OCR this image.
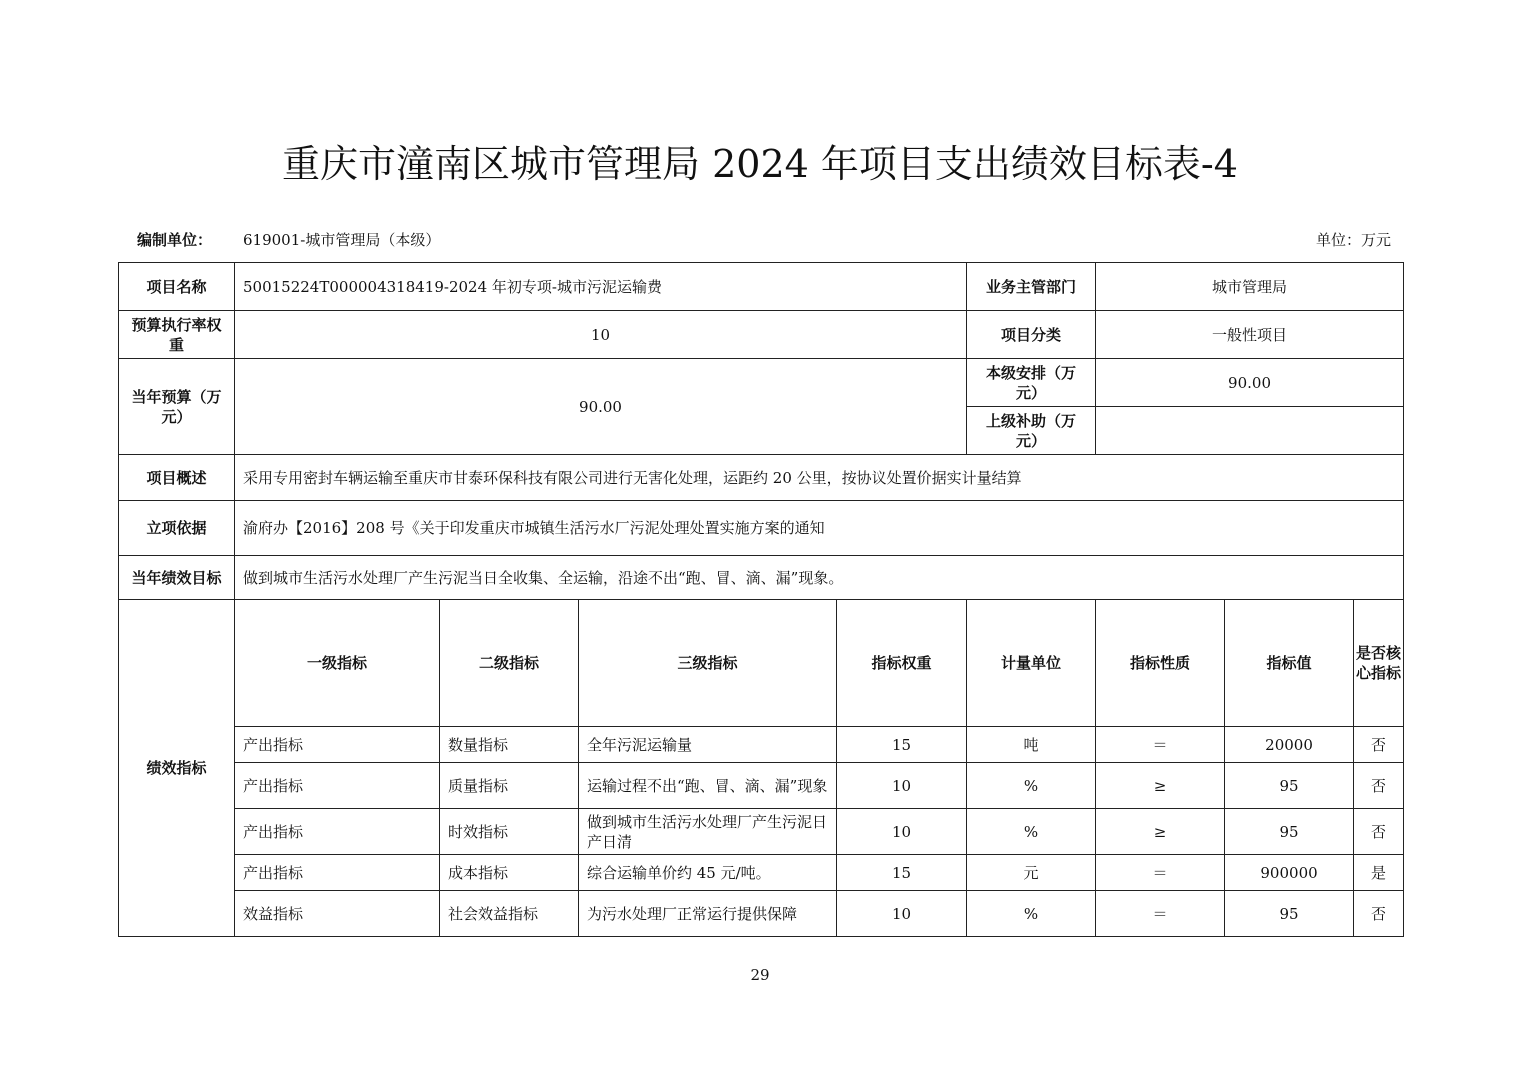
重庆市潼南区城市管理局 2024 年项目支出绩效目标表-4
编制单位： 619001-城市管理局（本级）	单位：万元
项目名称	50015224T000004318419-2024 年初专项-城市污泥运输费				业务主管部门	城市管理局		
预算执行率权重	10				项目分类	一般性项目		
当年预算（万元）	90.00				本级安排（万元）	90.00		
					上级补助（万元）			
项目概述	采用专用密封车辆运输至重庆市甘泰环保科技有限公司进行无害化处理，运距约 20 公里，按协议处置价据实计量结算							
立项依据	渝府办【2016】208 号《关于印发重庆市城镇生活污水厂污泥处理处置实施方案的通知							
当年绩效目标	做到城市生活污水处理厂产生污泥当日全收集、全运输，沿途不出“跑、冒、滴、漏”现象。							
绩效指标	一级指标	二级指标	三级指标	指标权重	计量单位	指标性质	指标值	是否核心指标
	产出指标	数量指标	全年污泥运输量	15	吨	＝	20000	否
	产出指标	质量指标	运输过程不出“跑、冒、滴、漏”现象	10	%	≥	95	否
	产出指标	时效指标	做到城市生活污水处理厂产生污泥日产日清	10	%	≥	95	否
	产出指标	成本指标	综合运输单价约 45 元/吨。	15	元	＝	900000	是
	效益指标	社会效益指标	为污水处理厂正常运行提供保障	10	%	＝	95	否
29
